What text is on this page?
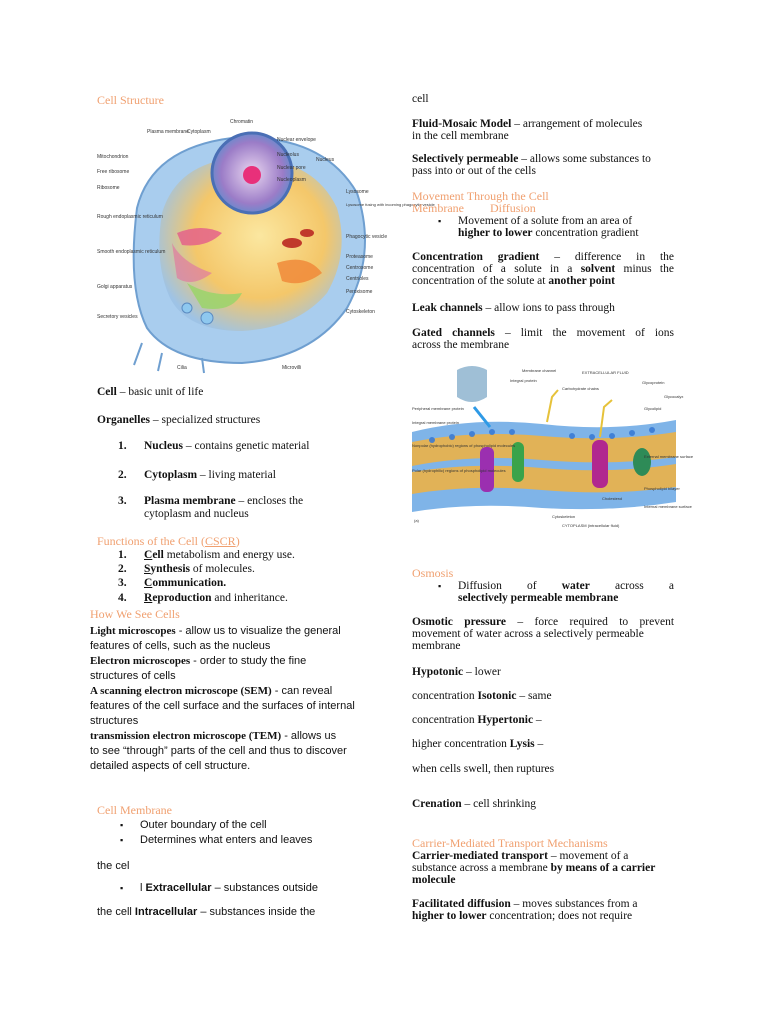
Cell Structure
Chromatin
Plasma membrane
Cytoplasm
Nuclear envelope
Nucleolus
Nuclear pore
Nucleoplasm
Nucleus
Mitochondrion
Free ribosome
Ribosome
Rough endoplasmic reticulum
Smooth endoplasmic reticulum
Golgi apparatus
Secretory vesicles
Lysosome
Lysosome fusing with incoming phagocytic vesicle
Phagocytic vesicle
Proteasome
Centrosome
Centrioles
Peroxisome
Cytoskeleton
Cilia	Microvilli
Cell – basic unit of life
Organelles – specialized structures
1. Nucleus – contains genetic material
2. Cytoplasm – living material
3. Plasma membrane – encloses the
cytoplasm and nucleus
Functions of the Cell (CSCR)
1. Cell metabolism and energy use.
2. Synthesis of molecules.
3. Communication.
4. Reproduction and inheritance.
How We See Cells
Light microscopes - allow us to visualize the general
features of cells, such as the nucleus
Electron microscopes - order to study the fine
structures of cells
A scanning electron microscope (SEM) - can reveal
features of the cell surface and the surfaces of internal
structures
transmission electron microscope (TEM) - allows us
to see “through” parts of the cell and thus to discover
detailed aspects of cell structure.
Cell Membrane
▪ Outer boundary of the cell
▪ Determines what enters and leaves
the cel
▪ l Extracellular – substances outside
the cell Intracellular – substances inside the
cell
Fluid-Mosaic Model – arrangement of molecules
in the cell membrane
Selectively permeable – allows some substances to
pass into or out of the cells
Movement Through the Cell
Membrane Diffusion
▪ Movement of a solute from an area of
higher to lower concentration gradient
Concentration gradient – difference in the
concentration of a solute in a solvent minus the
concentration of the solute at another point
Leak channels – allow ions to pass through
Gated channels – limit the movement of ions
across the membrane
Membrane channel
Integral protein
EXTRACELLULAR FLUID
Glycoprotein
Carbohydrate chains
Glycocalyx
Glycolipid
Peripheral membrane protein
Integral membrane protein
Nonpolar (hydrophobic) regions of phospholipid molecules
Polar (hydrophilic) regions of phospholipid molecules
Cholesterol
Phospholipid bilayer
External membrane surface
Internal membrane surface
Cytoskeleton
CYTOPLASM (intracellular fluid)
(a)
Osmosis
▪ Diffusion of water across a
selectively permeable membrane
Osmotic pressure – force required to prevent
movement of water across a selectively permeable
membrane
Hypotonic – lower
concentration Isotonic – same
concentration Hypertonic –
higher concentration Lysis –
when cells swell, then ruptures
Crenation – cell shrinking
Carrier-Mediated Transport Mechanisms
Carrier-mediated transport – movement of a
substance across a membrane by means of a carrier
molecule
Facilitated diffusion – moves substances from a
higher to lower concentration; does not require
